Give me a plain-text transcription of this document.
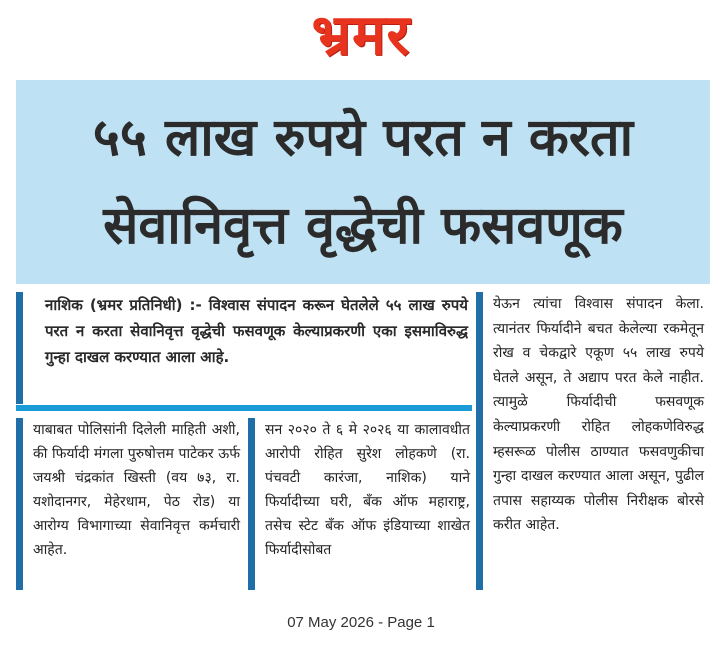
भ्रमर
५५ लाख रुपये परत न करता
सेवानिवृत्त वृद्धेची फसवणूक
नाशिक (भ्रमर प्रतिनिधी) :- विश्वास संपादन करून घेतलेले ५५ लाख रुपये परत न करता सेवानिवृत्त वृद्धेची फसवणूक केल्याप्रकरणी एका इसमाविरुद्ध गुन्हा दाखल करण्यात आला आहे.

याबाबत पोलिसांनी दिलेली माहिती अशी, की फिर्यादी मंगला पुरुषोत्तम पाटेकर ऊर्फ जयश्री चंद्रकांत खिस्ती (वय ७३, रा. यशोदानगर, मेहेरधाम, पेठ रोड) या आरोग्य विभागाच्या सेवानिवृत्त कर्मचारी आहेत.

सन २०२० ते ६ मे २०२६ या कालावधीत आरोपी रोहित सुरेश लोहकणे (रा. पंचवटी कारंजा, नाशिक) याने फिर्यादीच्या घरी, बँक ऑफ महाराष्ट्र, तसेच स्टेट बँक ऑफ इंडियाच्या शाखेत फिर्यादीसोबत

येऊन त्यांचा विश्वास संपादन केला. त्यानंतर फिर्यादीने बचत केलेल्या रकमेतून रोख व चेकद्वारे एकूण ५५ लाख रुपये घेतले असून, ते अद्याप परत केले नाहीत. त्यामुळे फिर्यादीची फसवणूक केल्याप्रकरणी रोहित लोहकणेविरुद्ध म्हसरूळ पोलीस ठाण्यात फसवणुकीचा गुन्हा दाखल करण्यात आला असून, पुढील तपास सहाय्यक पोलीस निरीक्षक बोरसे करीत आहेत.

07 May 2026 - Page 1
